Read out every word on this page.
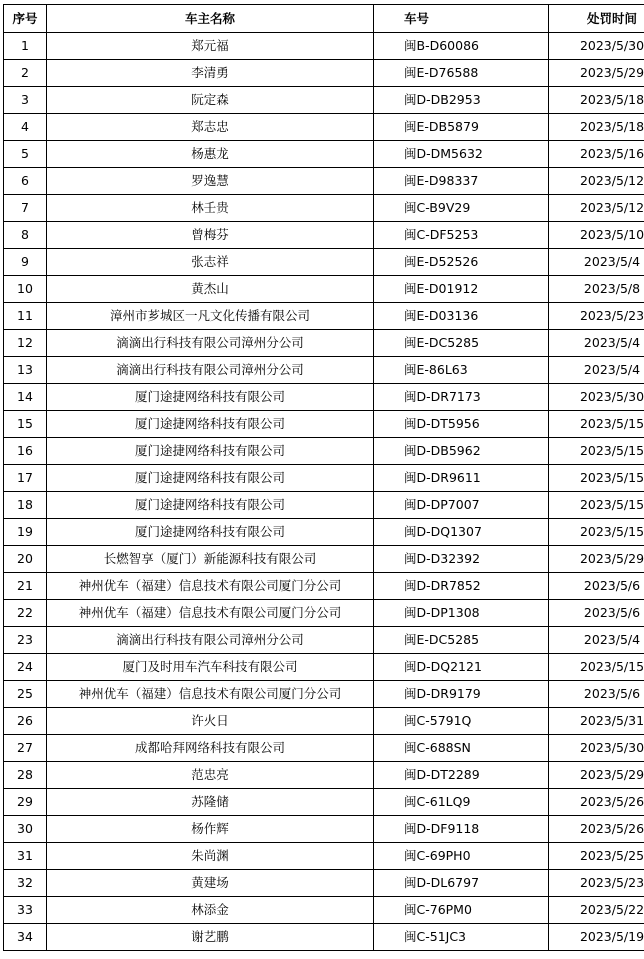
序号	车主名称	车号	处罚时间
1	郑元福	闽B-D60086	2023/5/30
2	李清勇	闽E-D76588	2023/5/29
3	阮定森	闽D-DB2953	2023/5/18
4	郑志忠	闽E-DB5879	2023/5/18
5	杨惠龙	闽D-DM5632	2023/5/16
6	罗逸慧	闽E-D98337	2023/5/12
7	林壬贵	闽C-B9V29	2023/5/12
8	曾梅芬	闽C-DF5253	2023/5/10
9	张志祥	闽E-D52526	2023/5/4
10	黄杰山	闽E-D01912	2023/5/8
11	漳州市芗城区一凡文化传播有限公司	闽E-D03136	2023/5/23
12	滴滴出行科技有限公司漳州分公司	闽E-DC5285	2023/5/4
13	滴滴出行科技有限公司漳州分公司	闽E-86L63	2023/5/4
14	厦门途捷网络科技有限公司	闽D-DR7173	2023/5/30
15	厦门途捷网络科技有限公司	闽D-DT5956	2023/5/15
16	厦门途捷网络科技有限公司	闽D-DB5962	2023/5/15
17	厦门途捷网络科技有限公司	闽D-DR9611	2023/5/15
18	厦门途捷网络科技有限公司	闽D-DP7007	2023/5/15
19	厦门途捷网络科技有限公司	闽D-DQ1307	2023/5/15
20	长燃智享（厦门）新能源科技有限公司	闽D-D32392	2023/5/29
21	神州优车（福建）信息技术有限公司厦门分公司	闽D-DR7852	2023/5/6
22	神州优车（福建）信息技术有限公司厦门分公司	闽D-DP1308	2023/5/6
23	滴滴出行科技有限公司漳州分公司	闽E-DC5285	2023/5/4
24	厦门及时用车汽车科技有限公司	闽D-DQ2121	2023/5/15
25	神州优车（福建）信息技术有限公司厦门分公司	闽D-DR9179	2023/5/6
26	许火日	闽C-5791Q	2023/5/31
27	成都哈拜网络科技有限公司	闽C-688SN	2023/5/30
28	范忠亮	闽D-DT2289	2023/5/29
29	苏隆储	闽C-61LQ9	2023/5/26
30	杨作辉	闽D-DF9118	2023/5/26
31	朱尚渊	闽C-69PH0	2023/5/25
32	黄建场	闽D-DL6797	2023/5/23
33	林添金	闽C-76PM0	2023/5/22
34	谢艺鹏	闽C-51JC3	2023/5/19
